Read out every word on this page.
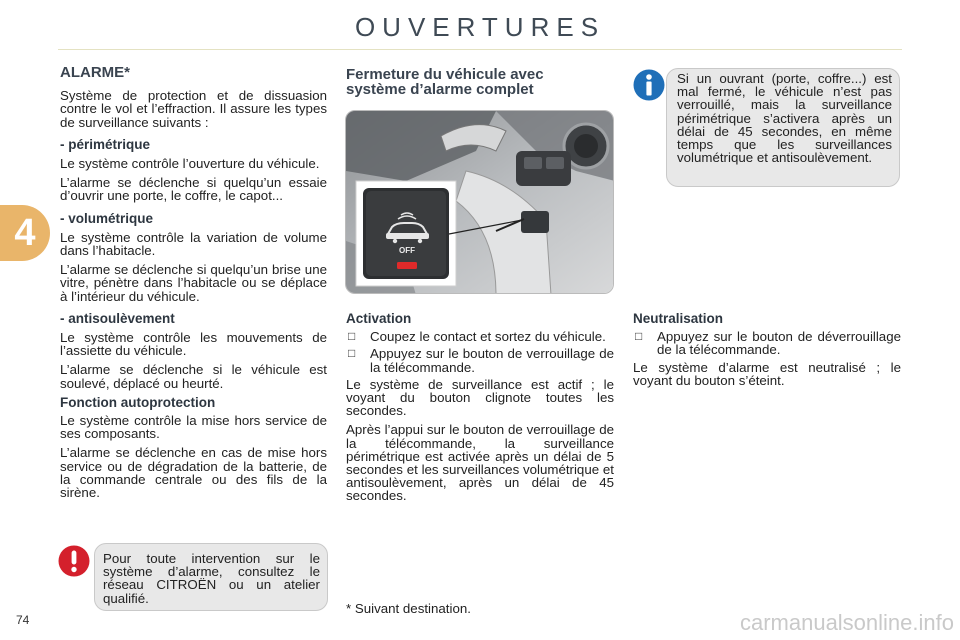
OUVERTURES
4
ALARME*

Système de protection et de dissuasion contre le vol et l’effraction. Il assure les types de surveillance suivants :

- périmétrique

Le système contrôle l’ouverture du véhicule.

L’alarme se déclenche si quelqu’un essaie d’ouvrir une porte, le coffre, le capot...

- volumétrique

Le système contrôle la variation de volume dans l’habitacle.

L’alarme se déclenche si quelqu’un brise une vitre, pénètre dans l’habitacle ou se déplace à l’intérieur du véhicule.

- antisoulèvement

Le système contrôle les mouvements de l’assiette du véhicule.

L’alarme se déclenche si le véhicule est soulevé, déplacé ou heurté.

Fonction autoprotection

Le système contrôle la mise hors service de ses composants.

L’alarme se déclenche en cas de mise hors service ou de dégradation de la batterie, de la commande centrale ou des fils de la sirène.

Pour toute intervention sur le système d’alarme, consultez le réseau CITROËN ou un atelier qualifié.
Fermeture du véhicule avec système d’alarme complet
OFF
Activation
□	Coupez le contact et sortez du véhicule.
□	Appuyez sur le bouton de verrouillage de la télécommande.

Le système de surveillance est actif ; le voyant du bouton clignote toutes les secondes.

Après l’appui sur le bouton de verrouillage de la télécommande, la surveillance périmétrique est activée après un délai de 5 secondes et les surveillances volumétrique et antisoulèvement, après un délai de 45 secondes.

* Suivant destination.
Si un ouvrant (porte, coffre...) est mal fermé, le véhicule n’est pas verrouillé, mais la surveillance périmétrique s’activera après un délai de 45 secondes, en même temps que les surveillances volumétrique et antisoulèvement.
Neutralisation
□	Appuyez sur le bouton de déverrouillage de la télécommande.

Le système d’alarme est neutralisé ; le voyant du bouton s’éteint.

74	carmanualsonline.info
